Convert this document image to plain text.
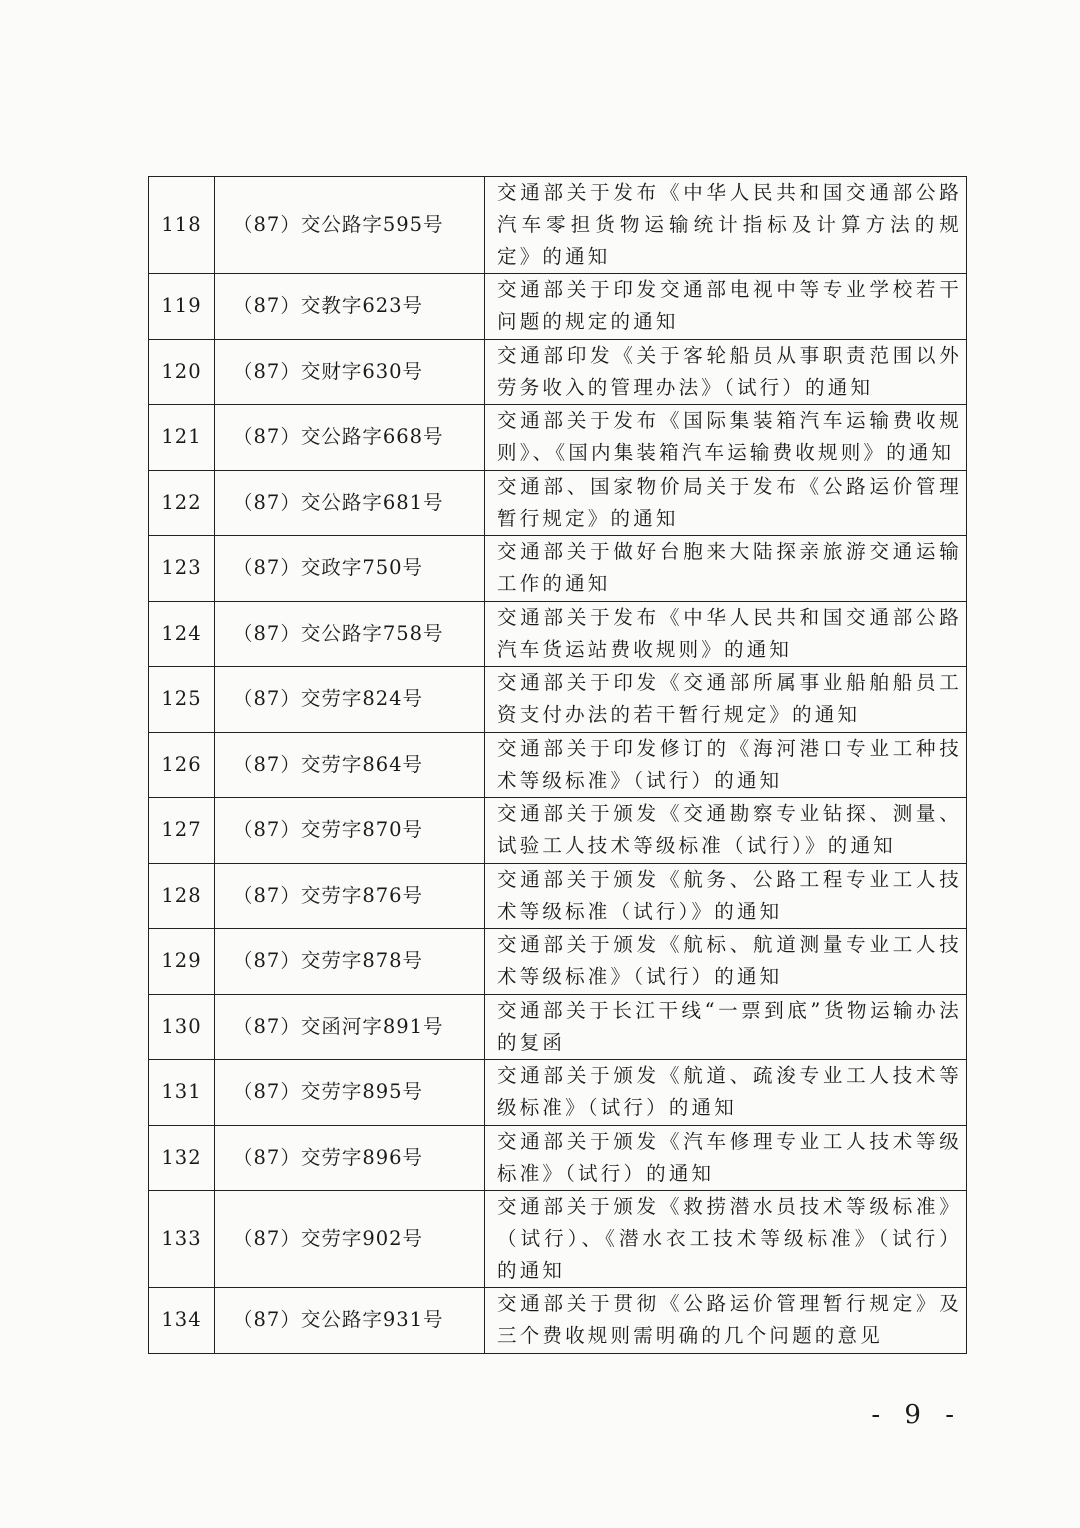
118	（87）交公路字595号	交通部关于发布《中华人民共和国交通部公路汽车零担货物运输统计指标及计算方法的规定》的通知
119	（87）交教字623号	交通部关于印发交通部电视中等专业学校若干问题的规定的通知
120	（87）交财字630号	交通部印发《关于客轮船员从事职责范围以外劳务收入的管理办法》（试行）的通知
121	（87）交公路字668号	交通部关于发布《国际集装箱汽车运输费收规则》、《国内集装箱汽车运输费收规则》的通知
122	（87）交公路字681号	交通部、国家物价局关于发布《公路运价管理暂行规定》的通知
123	（87）交政字750号	交通部关于做好台胞来大陆探亲旅游交通运输工作的通知
124	（87）交公路字758号	交通部关于发布《中华人民共和国交通部公路汽车货运站费收规则》的通知
125	（87）交劳字824号	交通部关于印发《交通部所属事业船舶船员工资支付办法的若干暂行规定》的通知
126	（87）交劳字864号	交通部关于印发修订的《海河港口专业工种技术等级标准》（试行）的通知
127	（87）交劳字870号	交通部关于颁发《交通勘察专业钻探、测量、试验工人技术等级标准（试行）》的通知
128	（87）交劳字876号	交通部关于颁发《航务、公路工程专业工人技术等级标准（试行）》的通知
129	（87）交劳字878号	交通部关于颁发《航标、航道测量专业工人技术等级标准》（试行）的通知
130	（87）交函河字891号	交通部关于长江干线“一票到底”货物运输办法的复函
131	（87）交劳字895号	交通部关于颁发《航道、疏浚专业工人技术等级标准》（试行）的通知
132	（87）交劳字896号	交通部关于颁发《汽车修理专业工人技术等级标准》（试行）的通知
133	（87）交劳字902号	交通部关于颁发《救捞潜水员技术等级标准》（试行）、《潜水衣工技术等级标准》（试行）的通知
134	（87）交公路字931号	交通部关于贯彻《公路运价管理暂行规定》及三个费收规则需明确的几个问题的意见
- 9 -
